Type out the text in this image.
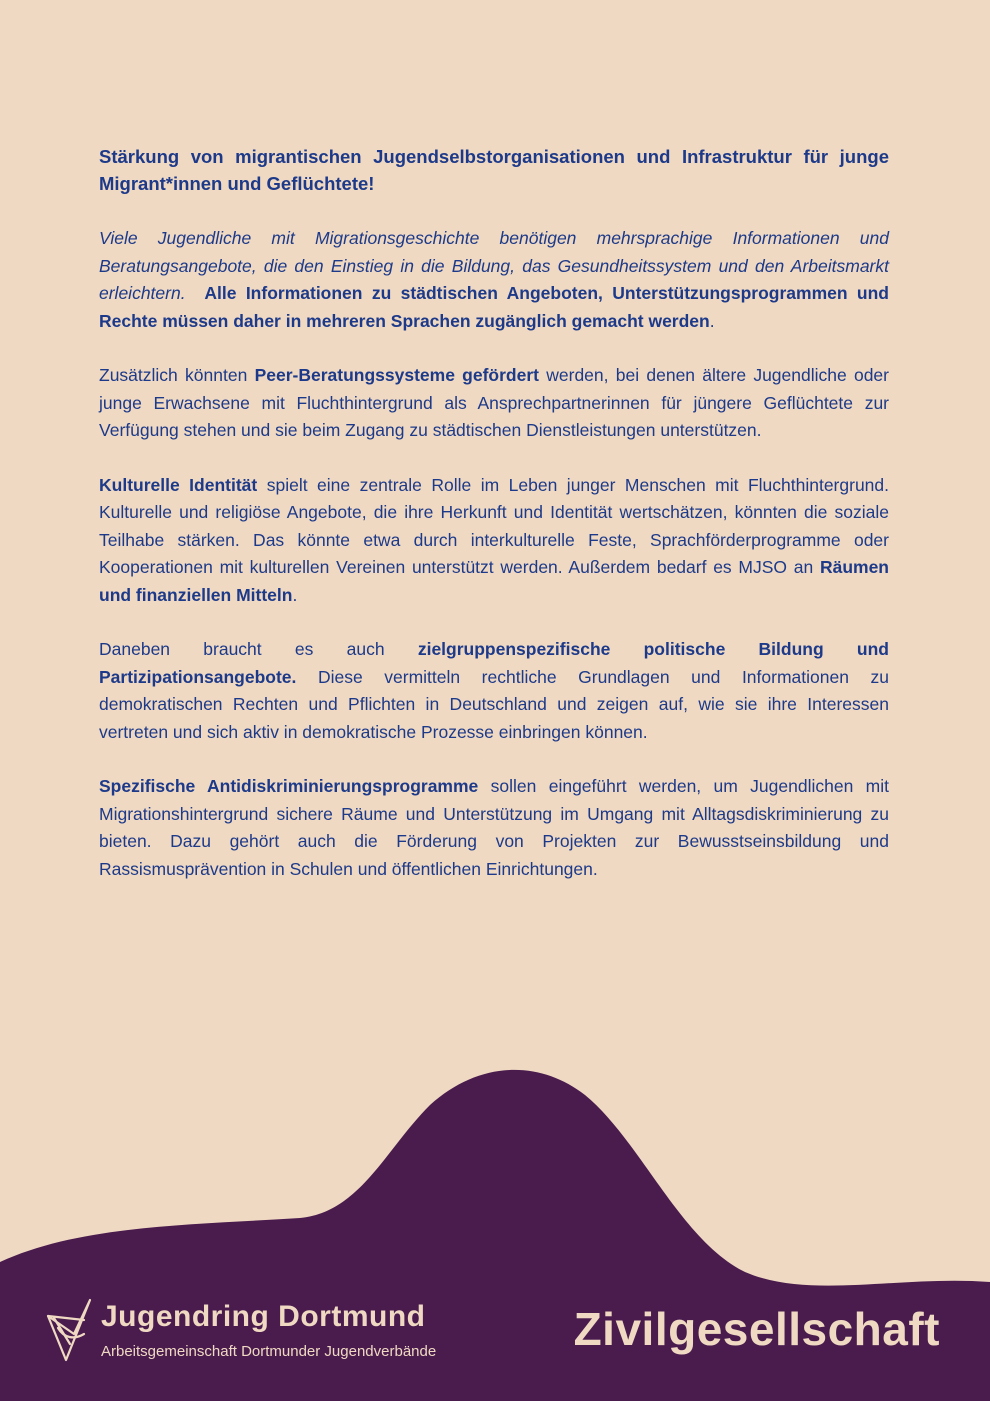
Stärkung von migrantischen Jugendselbstorganisationen und Infrastruktur für junge Migrant*innen und Geflüchtete!

Viele Jugendliche mit Migrationsgeschichte benötigen mehrsprachige Informationen und Beratungsangebote, die den Einstieg in die Bildung, das Gesundheitssystem und den Arbeitsmarkt erleichtern. Alle Informationen zu städtischen Angeboten, Unterstützungsprogrammen und Rechte müssen daher in mehreren Sprachen zugänglich gemacht werden.

Zusätzlich könnten Peer-Beratungssysteme gefördert werden, bei denen ältere Jugendliche oder junge Erwachsene mit Fluchthintergrund als Ansprechpartnerinnen für jüngere Geflüchtete zur Verfügung stehen und sie beim Zugang zu städtischen Dienstleistungen unterstützen.

Kulturelle Identität spielt eine zentrale Rolle im Leben junger Menschen mit Fluchthintergrund. Kulturelle und religiöse Angebote, die ihre Herkunft und Identität wertschätzen, könnten die soziale Teilhabe stärken. Das könnte etwa durch interkulturelle Feste, Sprachförderprogramme oder Kooperationen mit kulturellen Vereinen unterstützt werden. Außerdem bedarf es MJSO an Räumen und finanziellen Mitteln.

Daneben braucht es auch zielgruppenspezifische politische Bildung und Partizipationsangebote. Diese vermitteln rechtliche Grundlagen und Informationen zu demokratischen Rechten und Pflichten in Deutschland und zeigen auf, wie sie ihre Interessen vertreten und sich aktiv in demokratische Prozesse einbringen können.

Spezifische Antidiskriminierungsprogramme sollen eingeführt werden, um Jugendlichen mit Migrationshintergrund sichere Räume und Unterstützung im Umgang mit Alltagsdiskriminierung zu bieten. Dazu gehört auch die Förderung von Projekten zur Bewusstseinsbildung und Rassismusprävention in Schulen und öffentlichen Einrichtungen.

Jugendring Dortmund
Arbeitsgemeinschaft Dortmunder Jugendverbände	Zivilgesellschaft
